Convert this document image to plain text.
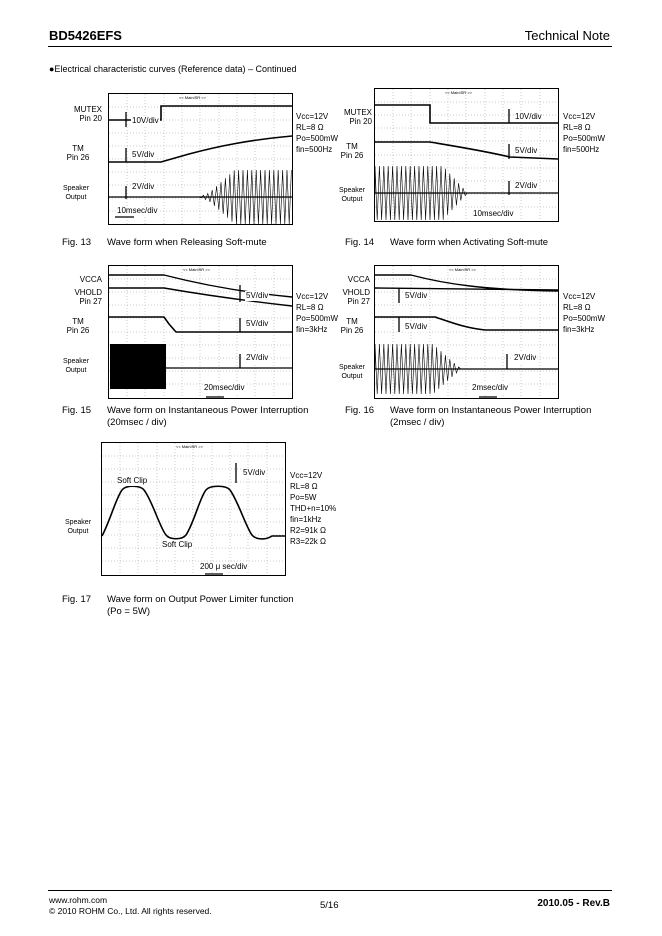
BD5426EFS	Technical Note
●Electrical characteristic curves (Reference data) – Continued
MUTEX
Pin 20
TM
Pin 26
Speaker
Output
<< MainISR >>
10V/div
5V/div
2V/div
10msec/div
Vcc=12V
RL=8 Ω
Po=500mW
fin=500Hz
Fig. 13 Wave form when Releasing Soft-mute
MUTEX
Pin 20
TM
Pin 26
Speaker
Output
<< MainISR >>
10V/div
5V/div
2V/div
10msec/div
Vcc=12V
RL=8 Ω
Po=500mW
fin=500Hz
Fig. 14 Wave form when Activating Soft-mute
VCCA
VHOLD
Pin 27
TM
Pin 26
Speaker
Output
<< MainISR >>
5V/div
5V/div
2V/div
20msec/div
Vcc=12V
RL=8 Ω
Po=500mW
fin=3kHz
Fig. 15 Wave form on Instantaneous Power Interruption
(20msec / div)
VCCA
VHOLD
Pin 27
TM
Pin 26
Speaker
Output
<< MainISR >>
5V/div
5V/div
2V/div
2msec/div
Vcc=12V
RL=8 Ω
Po=500mW
fin=3kHz
Fig. 16 Wave form on Instantaneous Power Interruption
(2msec / div)
Speaker
Output
<< MainISR >>
Soft Clip
Soft Clip
5V/div
200 μ sec/div
Vcc=12V
RL=8 Ω
Po=5W
THD+n=10%
fin=1kHz
R2=91k Ω
R3=22k Ω
Fig. 17 Wave form on Output Power Limiter function
(Po = 5W)
www.rohm.com
© 2010 ROHM Co., Ltd. All rights reserved.	5/16	2010.05 - Rev.B
